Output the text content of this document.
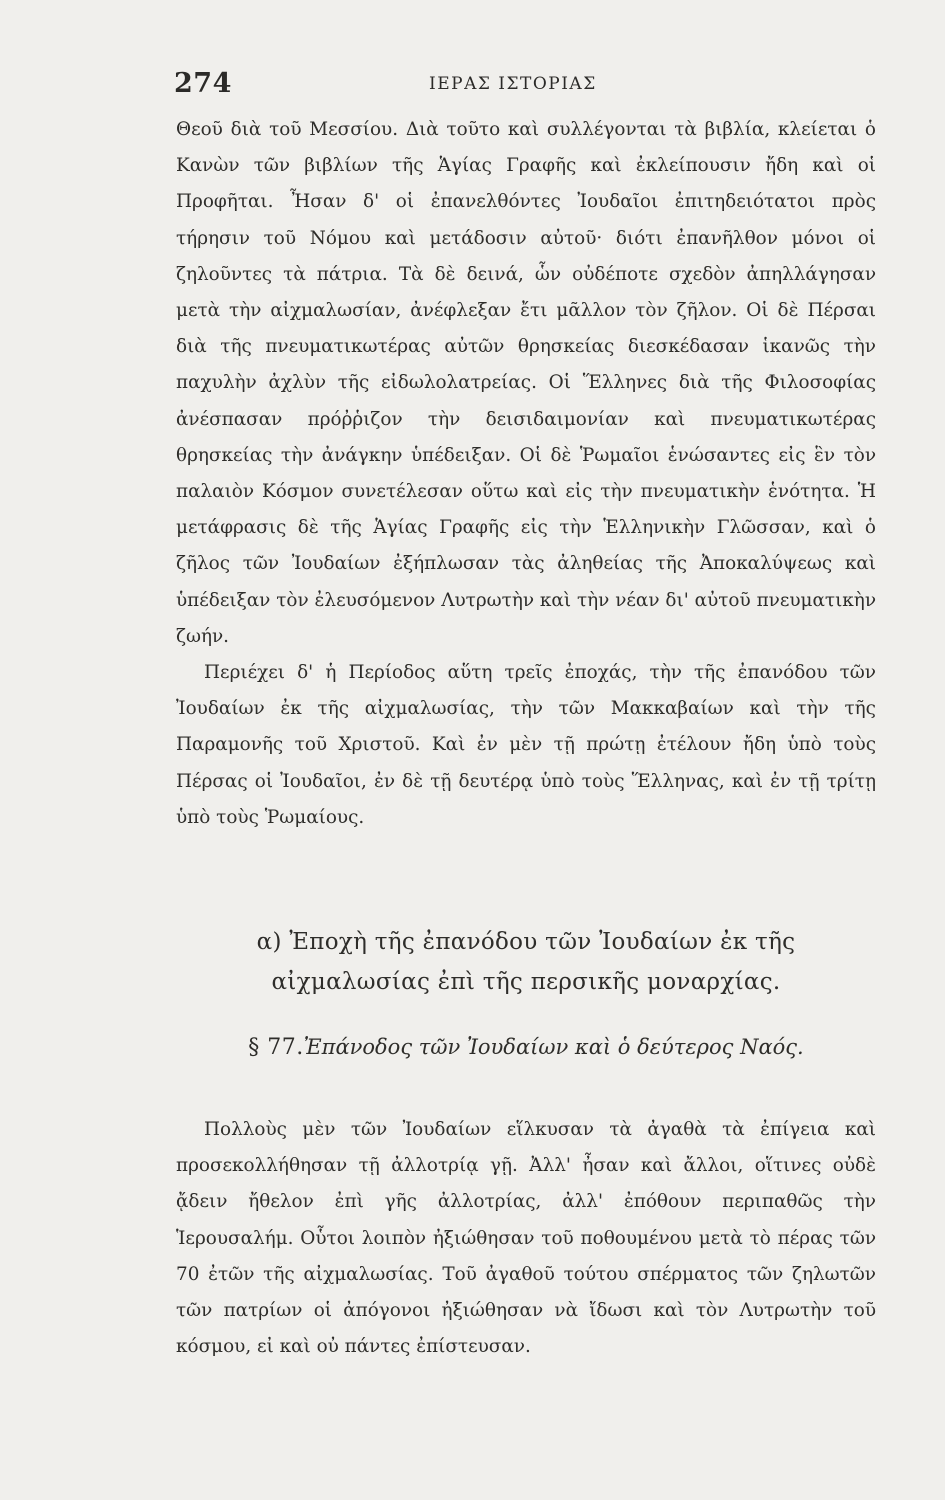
274	ΙΕΡΑΣ ΙΣΤΟΡΙΑΣ

Θεοῦ διὰ τοῦ Μεσσίου. Διὰ τοῦτο καὶ συλλέγονται τὰ βιβλία, κλείεται ὁ Κανὼν τῶν βιβλίων τῆς Ἁγίας Γραφῆς καὶ ἐκλείπουσιν ἤδη καὶ οἱ Προφῆται. Ἦσαν δ' οἱ ἐπανελθόντες Ἰουδαῖοι ἐπιτηδειότατοι πρὸς τήρησιν τοῦ Νόμου καὶ μετάδοσιν αὐτοῦ· διότι ἐπανῆλθον μόνοι οἱ ζηλοῦντες τὰ πάτρια. Τὰ δὲ δεινά, ὧν οὐδέποτε σχεδὸν ἀπηλλάγησαν μετὰ τὴν αἰχμαλωσίαν, ἀνέφλεξαν ἔτι μᾶλλον τὸν ζῆλον. Οἱ δὲ Πέρσαι διὰ τῆς πνευματικωτέρας αὐτῶν θρησκείας διεσκέδασαν ἱκανῶς τὴν παχυλὴν ἀχλὺν τῆς εἰδωλολατρείας. Οἱ Ἕλληνες διὰ τῆς Φιλοσοφίας ἀνέσπασαν πρόῤῥιζον τὴν δεισιδαιμονίαν καὶ πνευματικωτέρας θρησκείας τὴν ἀνάγκην ὑπέδειξαν. Οἱ δὲ Ῥωμαῖοι ἑνώσαντες εἰς ἓν τὸν παλαιὸν Κόσμον συνετέλεσαν οὕτω καὶ εἰς τὴν πνευματικὴν ἑνότητα. Ἡ μετάφρασις δὲ τῆς Ἁγίας Γραφῆς εἰς τὴν Ἑλληνικὴν Γλῶσσαν, καὶ ὁ ζῆλος τῶν Ἰουδαίων ἐξήπλωσαν τὰς ἀληθείας τῆς Ἀποκαλύψεως καὶ ὑπέδειξαν τὸν ἐλευσόμενον Λυτρωτὴν καὶ τὴν νέαν δι' αὐτοῦ πνευματικὴν ζωήν.

Περιέχει δ' ἡ Περίοδος αὕτη τρεῖς ἐποχάς, τὴν τῆς ἐπανόδου τῶν Ἰουδαίων ἐκ τῆς αἰχμαλωσίας, τὴν τῶν Μακκαβαίων καὶ τὴν τῆς Παραμονῆς τοῦ Χριστοῦ. Καὶ ἐν μὲν τῇ πρώτῃ ἐτέλουν ἤδη ὑπὸ τοὺς Πέρσας οἱ Ἰουδαῖοι, ἐν δὲ τῇ δευτέρᾳ ὑπὸ τοὺς Ἕλληνας, καὶ ἐν τῇ τρίτῃ ὑπὸ τοὺς Ῥωμαίους.

α) Ἐποχὴ τῆς ἐπανόδου τῶν Ἰουδαίων ἐκ τῆς
αἰχμαλωσίας ἐπὶ τῆς περσικῆς μοναρχίας.
§ 77.Ἐπάνοδος τῶν Ἰουδαίων καὶ ὁ δεύτερος Ναός.

Πολλοὺς μὲν τῶν Ἰουδαίων εἵλκυσαν τὰ ἀγαθὰ τὰ ἐπίγεια καὶ προσεκολλήθησαν τῇ ἀλλοτρίᾳ γῇ. Ἀλλ' ἦσαν καὶ ἄλλοι, οἵτινες οὐδὲ ᾄδειν ἤθελον ἐπὶ γῆς ἀλλοτρίας, ἀλλ' ἐπόθουν περιπαθῶς τὴν Ἱερουσαλήμ. Οὗτοι λοιπὸν ἠξιώθησαν τοῦ ποθουμένου μετὰ τὸ πέρας τῶν 70 ἐτῶν τῆς αἰχμαλωσίας. Τοῦ ἀγαθοῦ τούτου σπέρματος τῶν ζηλωτῶν τῶν πατρίων οἱ ἀπόγονοι ἠξιώθησαν νὰ ἴδωσι καὶ τὸν Λυτρωτὴν τοῦ κόσμου, εἰ καὶ οὐ πάντες ἐπίστευσαν.
